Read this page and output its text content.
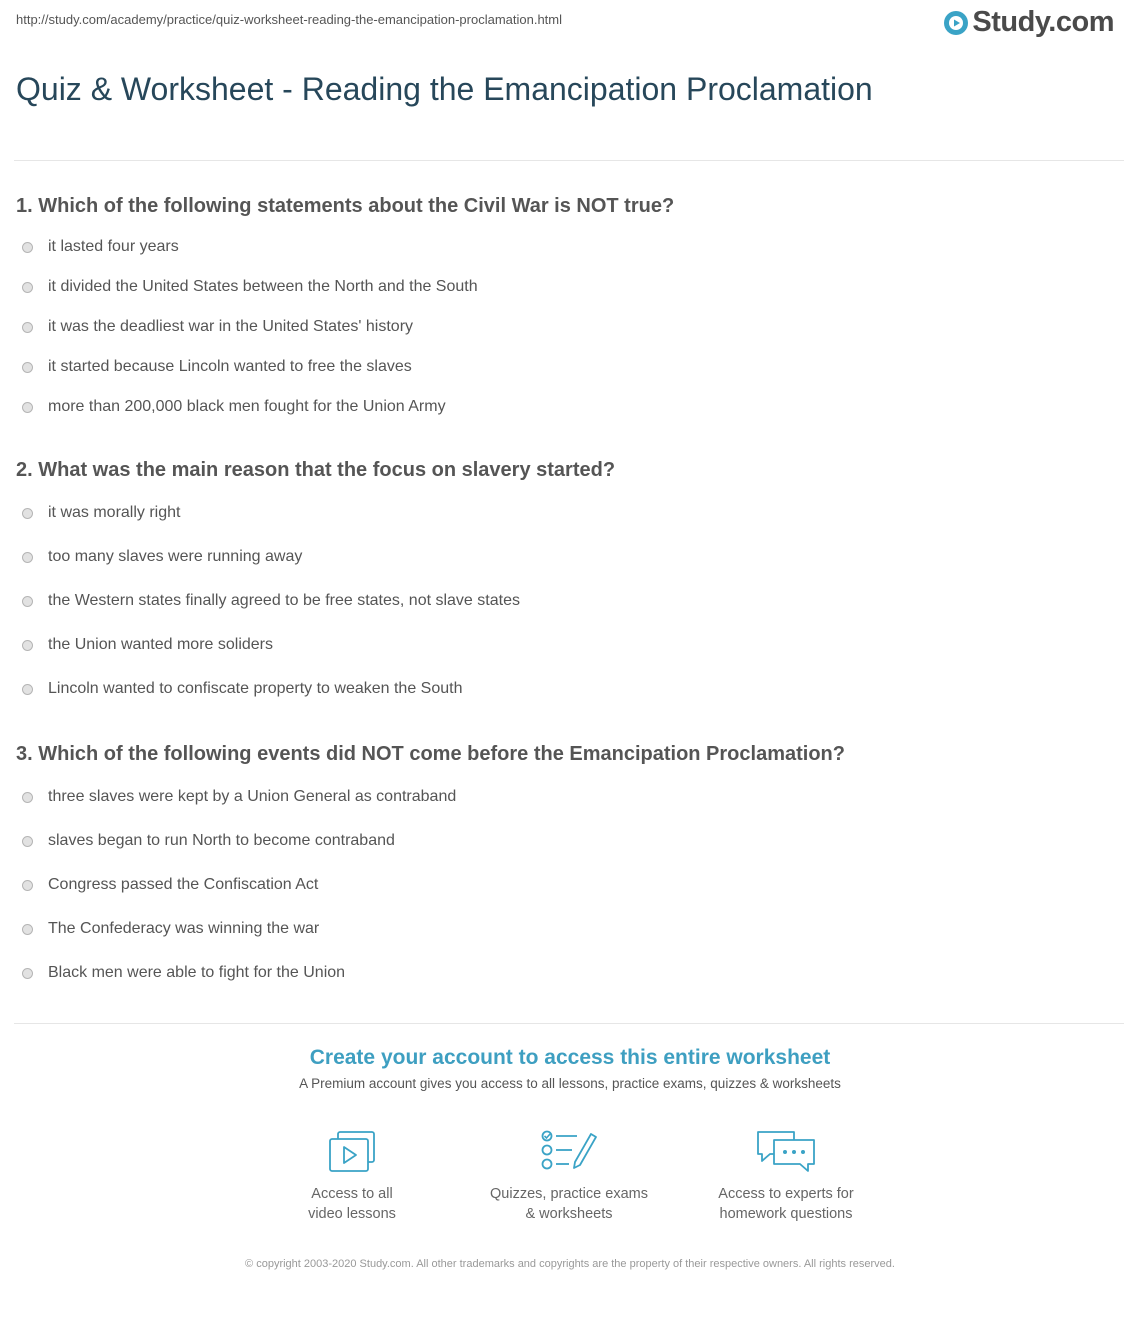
http://study.com/academy/practice/quiz-worksheet-reading-the-emancipation-proclamation.html	Study.com
Quiz & Worksheet - Reading the Emancipation Proclamation
1. Which of the following statements about the Civil War is NOT true?
it lasted four years
it divided the United States between the North and the South
it was the deadliest war in the United States' history
it started because Lincoln wanted to free the slaves
more than 200,000 black men fought for the Union Army
2. What was the main reason that the focus on slavery started?
it was morally right
too many slaves were running away
the Western states finally agreed to be free states, not slave states
the Union wanted more soliders
Lincoln wanted to confiscate property to weaken the South
3. Which of the following events did NOT come before the Emancipation Proclamation?
three slaves were kept by a Union General as contraband
slaves began to run North to become contraband
Congress passed the Confiscation Act
The Confederacy was winning the war
Black men were able to fight for the Union
Create your account to access this entire worksheet
A Premium account gives you access to all lessons, practice exams, quizzes & worksheets
Access to all
video lessons
Quizzes, practice exams
& worksheets
Access to experts for
homework questions
© copyright 2003-2020 Study.com. All other trademarks and copyrights are the property of their respective owners. All rights reserved.
